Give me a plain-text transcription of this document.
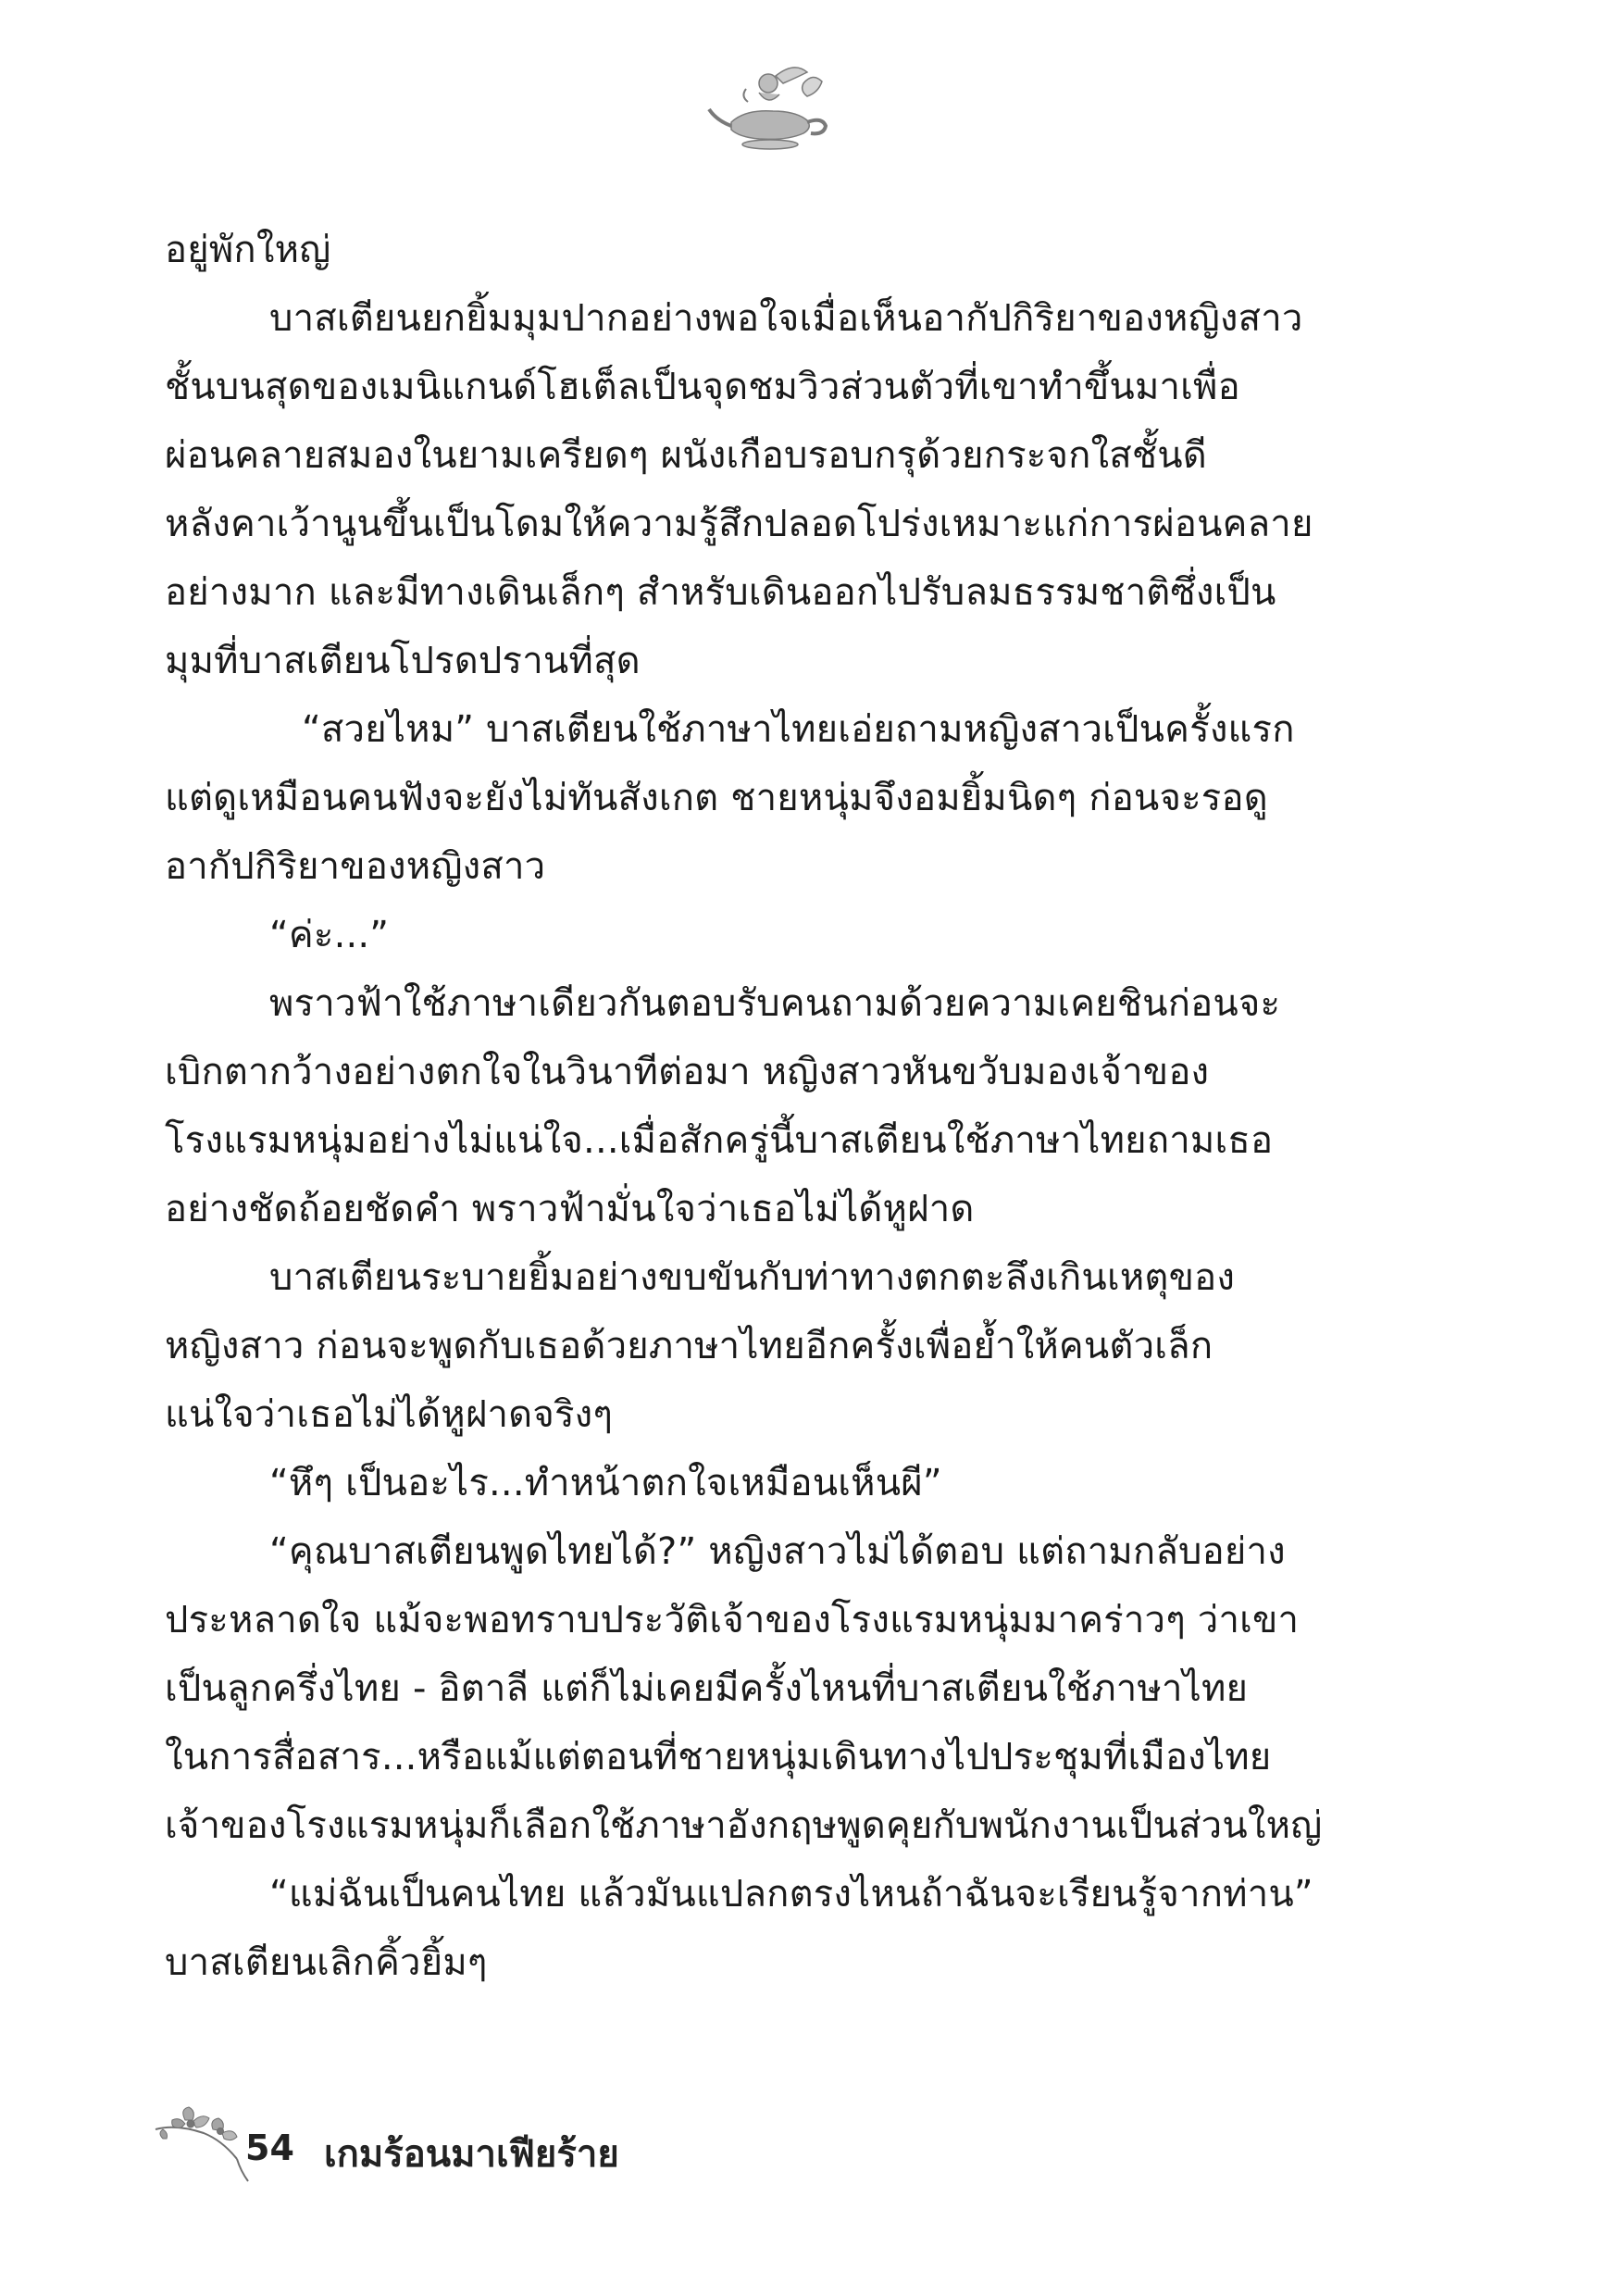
อยู่พักใหญ่
บาสเตียนยกยิ้มมุมปากอย่างพอใจเมื่อเห็นอากัปกิริยาของหญิงสาว
ชั้นบนสุดของเมนิแกนด์โฮเต็ลเป็นจุดชมวิวส่วนตัวที่เขาทำขึ้นมาเพื่อ
ผ่อนคลายสมองในยามเครียดๆ ผนังเกือบรอบกรุด้วยกระจกใสชั้นดี
หลังคาเว้านูนขึ้นเป็นโดมให้ความรู้สึกปลอดโปร่งเหมาะแก่การผ่อนคลาย
อย่างมาก และมีทางเดินเล็กๆ สำหรับเดินออกไปรับลมธรรมชาติซึ่งเป็น
มุมที่บาสเตียนโปรดปรานที่สุด
“สวยไหม” บาสเตียนใช้ภาษาไทยเอ่ยถามหญิงสาวเป็นครั้งแรก
แต่ดูเหมือนคนฟังจะยังไม่ทันสังเกต ชายหนุ่มจึงอมยิ้มนิดๆ ก่อนจะรอดู
อากัปกิริยาของหญิงสาว
“ค่ะ...”
พราวฟ้าใช้ภาษาเดียวกันตอบรับคนถามด้วยความเคยชินก่อนจะ
เบิกตากว้างอย่างตกใจในวินาทีต่อมา หญิงสาวหันขวับมองเจ้าของ
โรงแรมหนุ่มอย่างไม่แน่ใจ...เมื่อสักครู่นี้บาสเตียนใช้ภาษาไทยถามเธอ
อย่างชัดถ้อยชัดคำ พราวฟ้ามั่นใจว่าเธอไม่ได้หูฝาด
บาสเตียนระบายยิ้มอย่างขบขันกับท่าทางตกตะลึงเกินเหตุของ
หญิงสาว ก่อนจะพูดกับเธอด้วยภาษาไทยอีกครั้งเพื่อย้ำให้คนตัวเล็ก
แน่ใจว่าเธอไม่ได้หูฝาดจริงๆ
“หึๆ เป็นอะไร...ทำหน้าตกใจเหมือนเห็นผี”
“คุณบาสเตียนพูดไทยได้?” หญิงสาวไม่ได้ตอบ แต่ถามกลับอย่าง
ประหลาดใจ แม้จะพอทราบประวัติเจ้าของโรงแรมหนุ่มมาคร่าวๆ ว่าเขา
เป็นลูกครึ่งไทย - อิตาลี แต่ก็ไม่เคยมีครั้งไหนที่บาสเตียนใช้ภาษาไทย
ในการสื่อสาร...หรือแม้แต่ตอนที่ชายหนุ่มเดินทางไปประชุมที่เมืองไทย
เจ้าของโรงแรมหนุ่มก็เลือกใช้ภาษาอังกฤษพูดคุยกับพนักงานเป็นส่วนใหญ่
“แม่ฉันเป็นคนไทย แล้วมันแปลกตรงไหนถ้าฉันจะเรียนรู้จากท่าน”
บาสเตียนเลิกคิ้วยิ้มๆ
54 เกมร้อนมาเฟียร้าย
